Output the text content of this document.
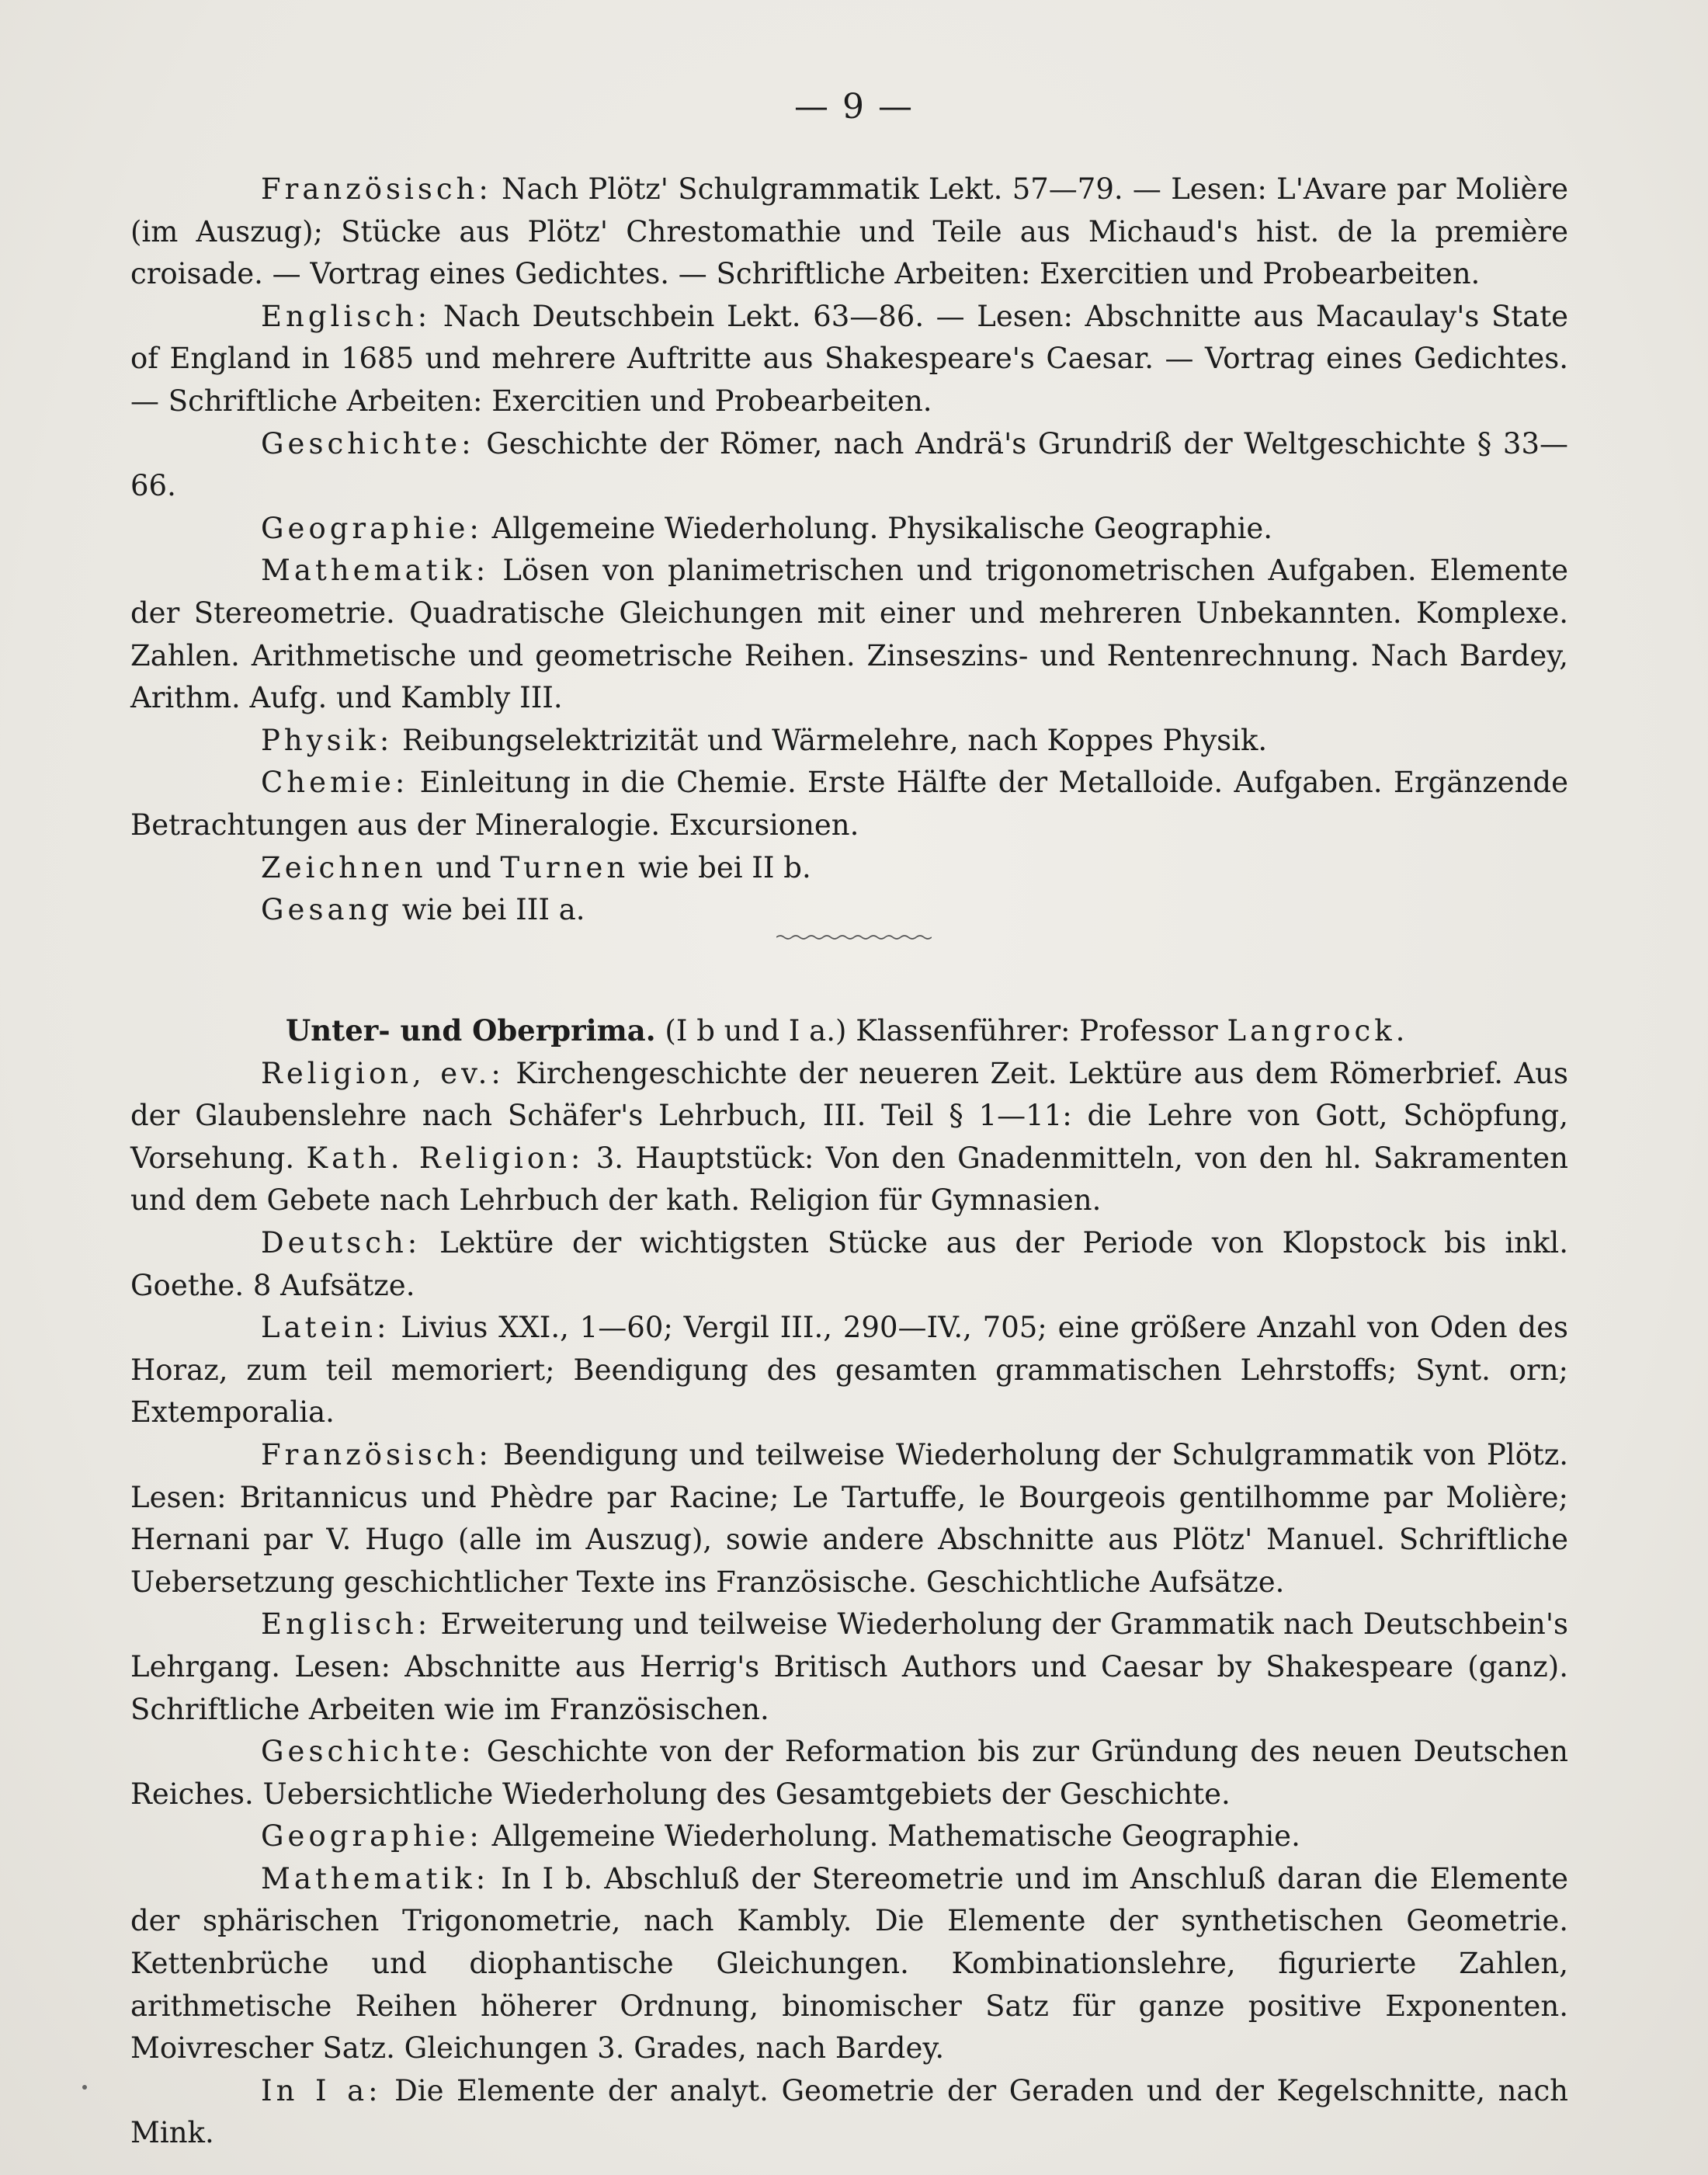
— 9 —

Französisch: Nach Plötz' Schulgrammatik Lekt. 57—79. — Lesen: L'Avare par Molière (im Auszug); Stücke aus Plötz' Chrestomathie und Teile aus Michaud's hist. de la première croisade. — Vortrag eines Gedichtes. — Schriftliche Arbeiten: Exercitien und Probearbeiten.

Englisch: Nach Deutschbein Lekt. 63—86. — Lesen: Abschnitte aus Macaulay's State of England in 1685 und mehrere Auftritte aus Shakespeare's Caesar. — Vortrag eines Gedichtes. — Schriftliche Arbeiten: Exercitien und Probearbeiten.

Geschichte: Geschichte der Römer, nach Andrä's Grundriß der Weltgeschichte § 33—66.

Geographie: Allgemeine Wiederholung. Physikalische Geographie.

Mathematik: Lösen von planimetrischen und trigonometrischen Aufgaben. Elemente der Stereometrie. Quadratische Gleichungen mit einer und mehreren Unbekannten. Komplexe. Zahlen. Arithmetische und geometrische Reihen. Zinseszins- und Rentenrechnung. Nach Bardey, Arithm. Aufg. und Kambly III.

Physik: Reibungselektrizität und Wärmelehre, nach Koppes Physik.

Chemie: Einleitung in die Chemie. Erste Hälfte der Metalloide. Aufgaben. Ergänzende Betrachtungen aus der Mineralogie. Excursionen.

Zeichnen und Turnen wie bei II b.

Gesang wie bei III a.

Unter- und Oberprima. (I b und I a.) Klassenführer: Professor Langrock.

Religion, ev.: Kirchengeschichte der neueren Zeit. Lektüre aus dem Römerbrief. Aus der Glaubenslehre nach Schäfer's Lehrbuch, III. Teil § 1—11: die Lehre von Gott, Schöpfung, Vorsehung. Kath. Religion: 3. Hauptstück: Von den Gnadenmitteln, von den hl. Sakramenten und dem Gebete nach Lehrbuch der kath. Religion für Gymnasien.

Deutsch: Lektüre der wichtigsten Stücke aus der Periode von Klopstock bis inkl. Goethe. 8 Aufsätze.

Latein: Livius XXI., 1—60; Vergil III., 290—IV., 705; eine größere Anzahl von Oden des Horaz, zum teil memoriert; Beendigung des gesamten grammatischen Lehrstoffs; Synt. orn; Extemporalia.

Französisch: Beendigung und teilweise Wiederholung der Schulgrammatik von Plötz. Lesen: Britannicus und Phèdre par Racine; Le Tartuffe, le Bourgeois gentilhomme par Molière; Hernani par V. Hugo (alle im Auszug), sowie andere Abschnitte aus Plötz' Manuel. Schriftliche Uebersetzung geschichtlicher Texte ins Französische. Geschichtliche Aufsätze.

Englisch: Erweiterung und teilweise Wiederholung der Grammatik nach Deutschbein's Lehrgang. Lesen: Abschnitte aus Herrig's Britisch Authors und Caesar by Shakespeare (ganz). Schriftliche Arbeiten wie im Französischen.

Geschichte: Geschichte von der Reformation bis zur Gründung des neuen Deutschen Reiches. Uebersichtliche Wiederholung des Gesamtgebiets der Geschichte.

Geographie: Allgemeine Wiederholung. Mathematische Geographie.

Mathematik: In I b. Abschluß der Stereometrie und im Anschluß daran die Elemente der sphärischen Trigonometrie, nach Kambly. Die Elemente der synthetischen Geometrie. Kettenbrüche und diophantische Gleichungen. Kombinationslehre, figurierte Zahlen, arithmetische Reihen höherer Ordnung, binomischer Satz für ganze positive Exponenten. Moivrescher Satz. Gleichungen 3. Grades, nach Bardey.

In I a: Die Elemente der analyt. Geometrie der Geraden und der Kegelschnitte, nach Mink.
